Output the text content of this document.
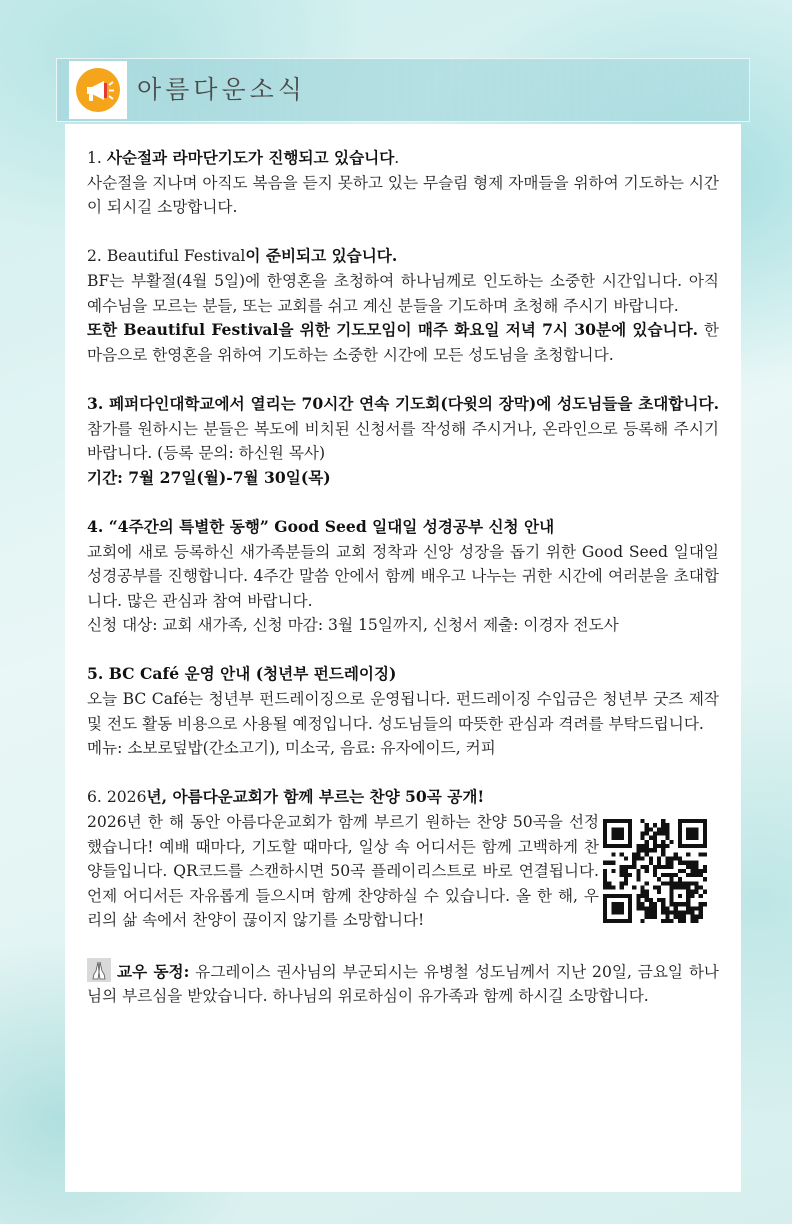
아름다운소식

1. 사순절과 라마단기도가 진행되고 있습니다.

사순절을 지나며 아직도 복음을 듣지 못하고 있는 무슬림 형제 자매들을 위하여 기도하는 시간이 되시길 소망합니다.

2. Beautiful Festival이 준비되고 있습니다.

BF는 부활절(4월 5일)에 한영혼을 초청하여 하나님께로 인도하는 소중한 시간입니다. 아직 예수님을 모르는 분들, 또는 교회를 쉬고 계신 분들을 기도하며 초청해 주시기 바랍니다.

또한 Beautiful Festival을 위한 기도모임이 매주 화요일 저녁 7시 30분에 있습니다. 한마음으로 한영혼을 위하여 기도하는 소중한 시간에 모든 성도님을 초청합니다.

3. 페퍼다인대학교에서 열리는 70시간 연속 기도회(다윗의 장막)에 성도님들을 초대합니다. 참가를 원하시는 분들은 복도에 비치된 신청서를 작성해 주시거나, 온라인으로 등록해 주시기 바랍니다. (등록 문의: 하신원 목사)

기간: 7월 27일(월)-7월 30일(목)

4. “4주간의 특별한 동행” Good Seed 일대일 성경공부 신청 안내

교회에 새로 등록하신 새가족분들의 교회 정착과 신앙 성장을 돕기 위한 Good Seed 일대일 성경공부를 진행합니다. 4주간 말씀 안에서 함께 배우고 나누는 귀한 시간에 여러분을 초대합니다. 많은 관심과 참여 바랍니다.

신청 대상: 교회 새가족, 신청 마감: 3월 15일까지, 신청서 제출: 이경자 전도사

5. BC Café 운영 안내 (청년부 펀드레이징)

오늘 BC Café는 청년부 펀드레이징으로 운영됩니다. 펀드레이징 수입금은 청년부 굿즈 제작 및 전도 활동 비용으로 사용될 예정입니다. 성도님들의 따뜻한 관심과 격려를 부탁드립니다.

메뉴: 소보로덮밥(간소고기), 미소국, 음료: 유자에이드, 커피

6. 2026년, 아름다운교회가 함께 부르는 찬양 50곡 공개!

2026년 한 해 동안 아름다운교회가 함께 부르기 원하는 찬양 50곡을 선정했습니다! 예배 때마다, 기도할 때마다, 일상 속 어디서든 함께 고백하게 찬양들입니다. QR코드를 스캔하시면 50곡 플레이리스트로 바로 연결됩니다. 언제 어디서든 자유롭게 들으시며 함께 찬양하실 수 있습니다. 올 한 해, 우리의 삶 속에서 찬양이 끊이지 않기를 소망합니다!

교우 동정: 유그레이스 권사님의 부군되시는 유병철 성도님께서 지난 20일, 금요일 하나님의 부르심을 받았습니다. 하나님의 위로하심이 유가족과 함께 하시길 소망합니다.
